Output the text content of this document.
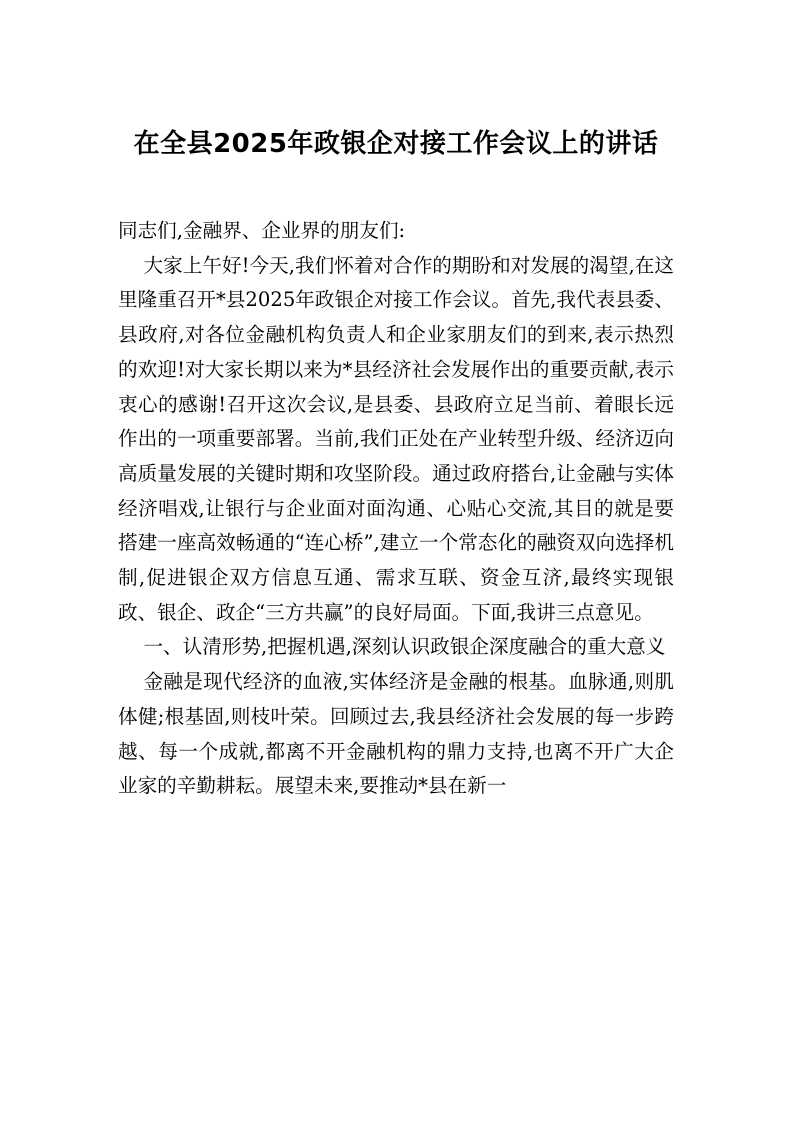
在全县2025年政银企对接工作会议上的讲话

同志们,金融界、企业界的朋友们:

大家上午好!今天,我们怀着对合作的期盼和对发展的渴望,在这里隆重召开*县2025年政银企对接工作会议。首先,我代表县委、县政府,对各位金融机构负责人和企业家朋友们的到来,表示热烈的欢迎!对大家长期以来为*县经济社会发展作出的重要贡献,表示衷心的感谢!召开这次会议,是县委、县政府立足当前、着眼长远作出的一项重要部署。当前,我们正处在产业转型升级、经济迈向高质量发展的关键时期和攻坚阶段。通过政府搭台,让金融与实体经济唱戏,让银行与企业面对面沟通、心贴心交流,其目的就是要搭建一座高效畅通的“连心桥”,建立一个常态化的融资双向选择机制,促进银企双方信息互通、需求互联、资金互济,最终实现银政、银企、政企“三方共赢”的良好局面。下面,我讲三点意见。

一、认清形势,把握机遇,深刻认识政银企深度融合的重大意义

金融是现代经济的血液,实体经济是金融的根基。血脉通,则肌体健;根基固,则枝叶荣。回顾过去,我县经济社会发展的每一步跨越、每一个成就,都离不开金融机构的鼎力支持,也离不开广大企业家的辛勤耕耘。展望未来,要推动*县在新一
